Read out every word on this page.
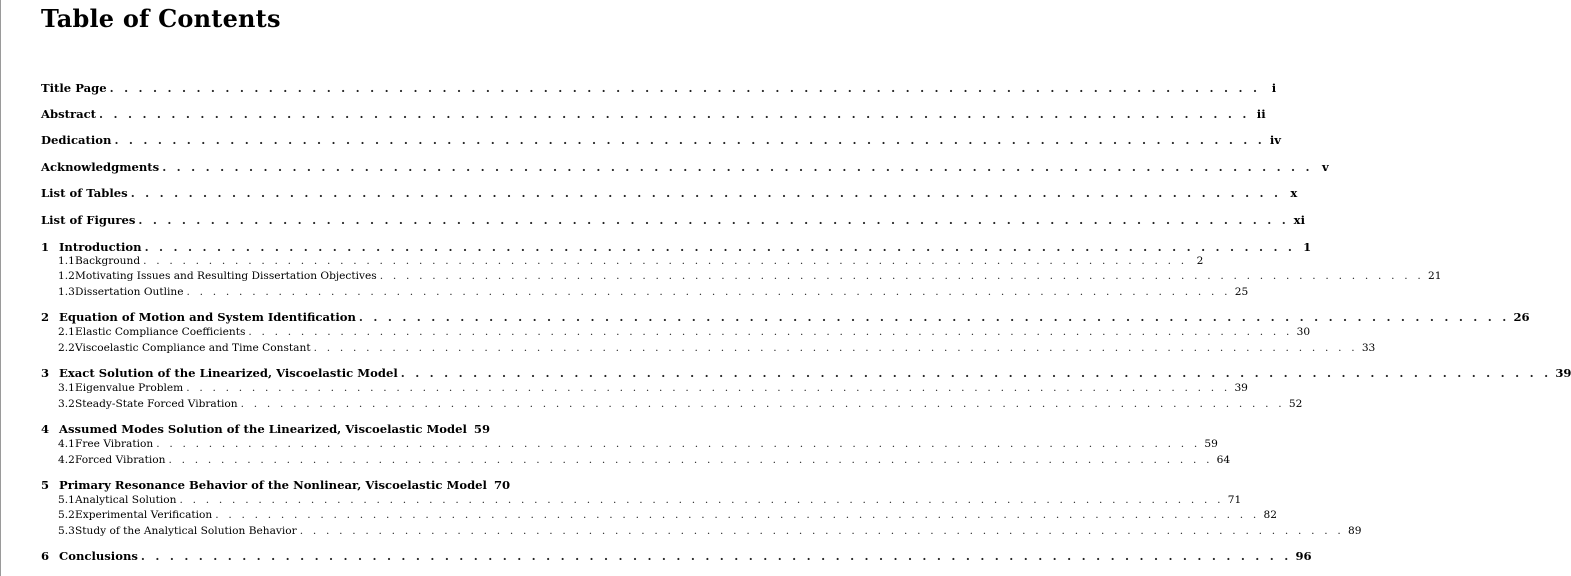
Table of Contents
Title Page . . . . . . . . . . . . . . . . . . . . . . . . . . . . . . . . . . . . . . . . . . . . . . . . . . . . . . . . . . . . . . . . . . . . . . . . . . . . . . . . i
Abstract . . . . . . . . . . . . . . . . . . . . . . . . . . . . . . . . . . . . . . . . . . . . . . . . . . . . . . . . . . . . . . . . . . . . . . . . . . . . . . . . ii
Dedication . . . . . . . . . . . . . . . . . . . . . . . . . . . . . . . . . . . . . . . . . . . . . . . . . . . . . . . . . . . . . . . . . . . . . . . . . . . . . . . . iv
Acknowledgments . . . . . . . . . . . . . . . . . . . . . . . . . . . . . . . . . . . . . . . . . . . . . . . . . . . . . . . . . . . . . . . . . . . . . . . . . . . . . . . . v
List of Tables . . . . . . . . . . . . . . . . . . . . . . . . . . . . . . . . . . . . . . . . . . . . . . . . . . . . . . . . . . . . . . . . . . . . . . . . . . . . . . . . x
List of Figures . . . . . . . . . . . . . . . . . . . . . . . . . . . . . . . . . . . . . . . . . . . . . . . . . . . . . . . . . . . . . . . . . . . . . . . . . . . . . . . . xi
1 Introduction . . . . . . . . . . . . . . . . . . . . . . . . . . . . . . . . . . . . . . . . . . . . . . . . . . . . . . . . . . . . . . . . . . . . . . . . . . . . . . . . 1
1.1 Background . . . . . . . . . . . . . . . . . . . . . . . . . . . . . . . . . . . . . . . . . . . . . . . . . . . . . . . . . . . . . . . . . . . . . . . . . . . . . . . . 2
1.2 Motivating Issues and Resulting Dissertation Objectives . . . . . . . . . . . . . . . . . . . . . . . . . . . . . . . . . . . . . . . . . . . . . . . . . . . . . . . . . . . . . . . . . . . . . . . . . . . . . . . . 21
1.3 Dissertation Outline . . . . . . . . . . . . . . . . . . . . . . . . . . . . . . . . . . . . . . . . . . . . . . . . . . . . . . . . . . . . . . . . . . . . . . . . . . . . . . . . 25
2 Equation of Motion and System Identification . . . . . . . . . . . . . . . . . . . . . . . . . . . . . . . . . . . . . . . . . . . . . . . . . . . . . . . . . . . . . . . . . . . . . . . . . . . . . . . . 26
2.1 Elastic Compliance Coefficients . . . . . . . . . . . . . . . . . . . . . . . . . . . . . . . . . . . . . . . . . . . . . . . . . . . . . . . . . . . . . . . . . . . . . . . . . . . . . . . . 30
2.2 Viscoelastic Compliance and Time Constant . . . . . . . . . . . . . . . . . . . . . . . . . . . . . . . . . . . . . . . . . . . . . . . . . . . . . . . . . . . . . . . . . . . . . . . . . . . . . . . . 33
3 Exact Solution of the Linearized, Viscoelastic Model . . . . . . . . . . . . . . . . . . . . . . . . . . . . . . . . . . . . . . . . . . . . . . . . . . . . . . . . . . . . . . . . . . . . . . . . . . . . . . . . 39
3.1 Eigenvalue Problem . . . . . . . . . . . . . . . . . . . . . . . . . . . . . . . . . . . . . . . . . . . . . . . . . . . . . . . . . . . . . . . . . . . . . . . . . . . . . . . . 39
3.2 Steady-State Forced Vibration . . . . . . . . . . . . . . . . . . . . . . . . . . . . . . . . . . . . . . . . . . . . . . . . . . . . . . . . . . . . . . . . . . . . . . . . . . . . . . . . 52
4 Assumed Modes Solution of the Linearized, Viscoelastic Model 59
4.1 Free Vibration . . . . . . . . . . . . . . . . . . . . . . . . . . . . . . . . . . . . . . . . . . . . . . . . . . . . . . . . . . . . . . . . . . . . . . . . . . . . . . . . 59
4.2 Forced Vibration . . . . . . . . . . . . . . . . . . . . . . . . . . . . . . . . . . . . . . . . . . . . . . . . . . . . . . . . . . . . . . . . . . . . . . . . . . . . . . . . 64
5 Primary Resonance Behavior of the Nonlinear, Viscoelastic Model 70
5.1 Analytical Solution . . . . . . . . . . . . . . . . . . . . . . . . . . . . . . . . . . . . . . . . . . . . . . . . . . . . . . . . . . . . . . . . . . . . . . . . . . . . . . . . 71
5.2 Experimental Verification . . . . . . . . . . . . . . . . . . . . . . . . . . . . . . . . . . . . . . . . . . . . . . . . . . . . . . . . . . . . . . . . . . . . . . . . . . . . . . . . 82
5.3 Study of the Analytical Solution Behavior . . . . . . . . . . . . . . . . . . . . . . . . . . . . . . . . . . . . . . . . . . . . . . . . . . . . . . . . . . . . . . . . . . . . . . . . . . . . . . . . 89
6 Conclusions . . . . . . . . . . . . . . . . . . . . . . . . . . . . . . . . . . . . . . . . . . . . . . . . . . . . . . . . . . . . . . . . . . . . . . . . . . . . . . . . 96
